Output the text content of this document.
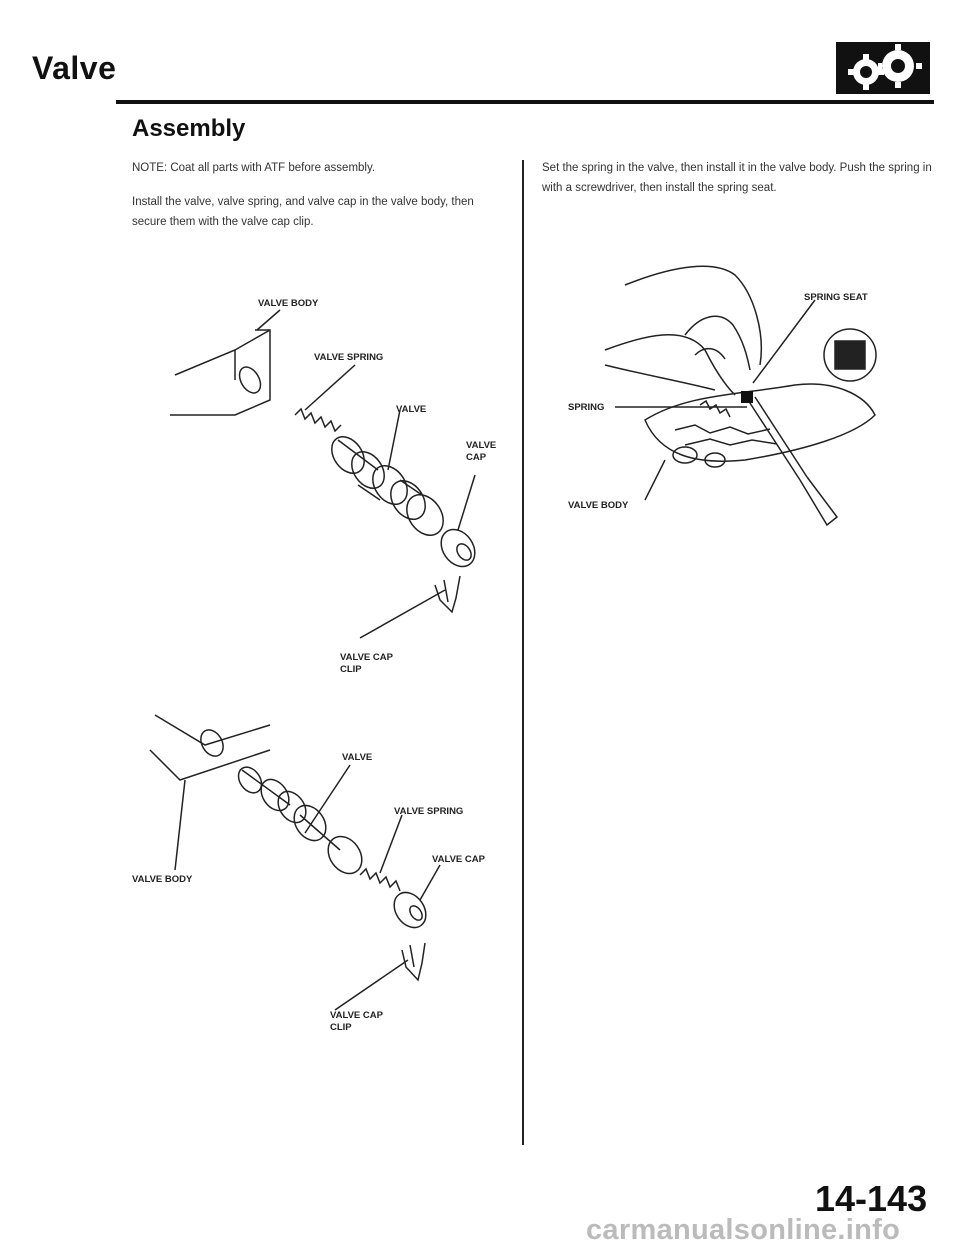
Valve
Assembly

NOTE: Coat all parts with ATF before assembly.

Install the valve, valve spring, and valve cap in the valve body, then secure them with the valve cap clip.

Set the spring in the valve, then install it in the valve body. Push the spring in with a screwdriver, then install the spring seat.

VALVE BODY
VALVE SPRING
VALVE
VALVE
CAP
VALVE CAP
CLIP
VALVE
VALVE SPRING
VALVE BODY
VALVE CAP
VALVE CAP
CLIP
SPRING SEAT
SPRING
VALVE BODY
14-143
carmanualsonline.info
